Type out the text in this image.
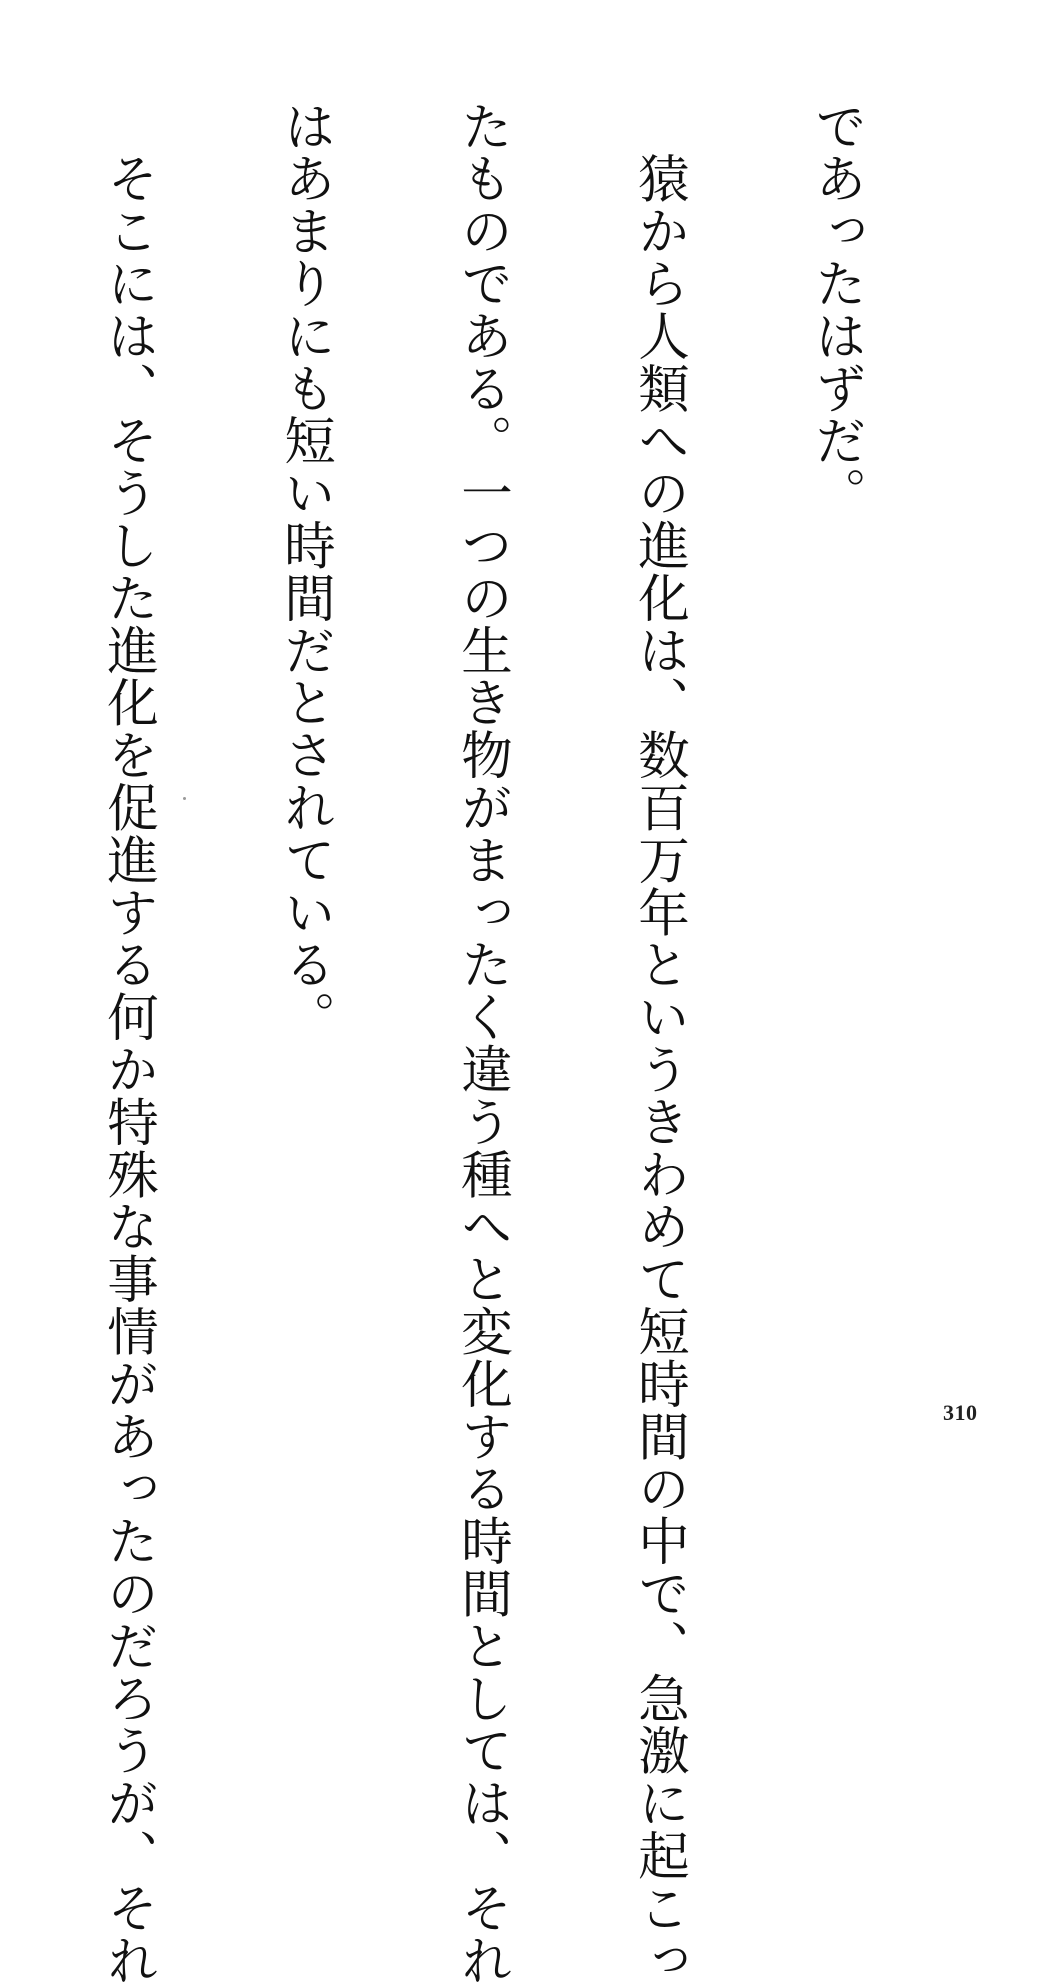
であったはずだ。

　猿から人類への進化は、数百万年というきわめて短時間の中で、急激に起こっ

たものである。一つの生き物がまったく違う種へと変化する時間としては、それ

はあまりにも短い時間だとされている。

　そこには、そうした進化を促進する何か特殊な事情があったのだろうが、それ

	310
